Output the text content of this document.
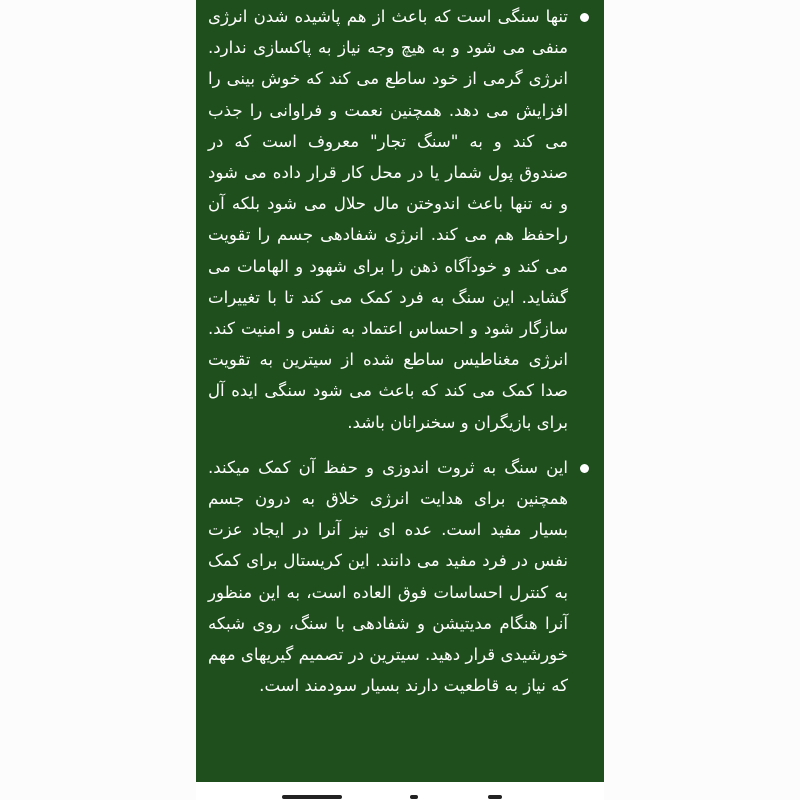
تنها سنگی است که باعث از هم پاشیده شدن انرژی منفی می شود و به هیچ وجه نیاز به پاکسازی ندارد. انرژی گرمی از خود ساطع می کند که خوش بینی را افزایش می دهد. همچنین نعمت و فراوانی را جذب می کند و به "سنگ تجار" معروف است که در صندوق پول شمار یا در محل کار قرار داده می شود و نه تنها باعث اندوختن مال حلال می شود بلکه آن راحفظ هم می کند. انرژی شفادهی جسم را تقویت می کند و خودآگاه ذهن را برای شهود و الهامات می گشاید. این سنگ به فرد کمک می کند تا با تغییرات سازگار شود و احساس اعتماد به نفس و امنیت کند. انرژی مغناطیس ساطع شده از سیترین به تقویت صدا کمک می کند که باعث می شود سنگی ایده آل برای بازیگران و سخنرانان باشد.
این سنگ به ثروت اندوزی و حفظ آن کمک میکند. همچنین برای هدایت انرژی خلاق به درون جسم بسیار مفید است. عده ای نیز آنرا در ایجاد عزت نفس در فرد مفید می دانند. این کریستال برای کمک به کنترل احساسات فوق العاده است، به این منظور آنرا هنگام مدیتیشن و شفادهی با سنگ، روی شبکه خورشیدی قرار دهید. سیترین در تصمیم گیریهای مهم که نیاز به قاطعیت دارند بسیار سودمند است.
